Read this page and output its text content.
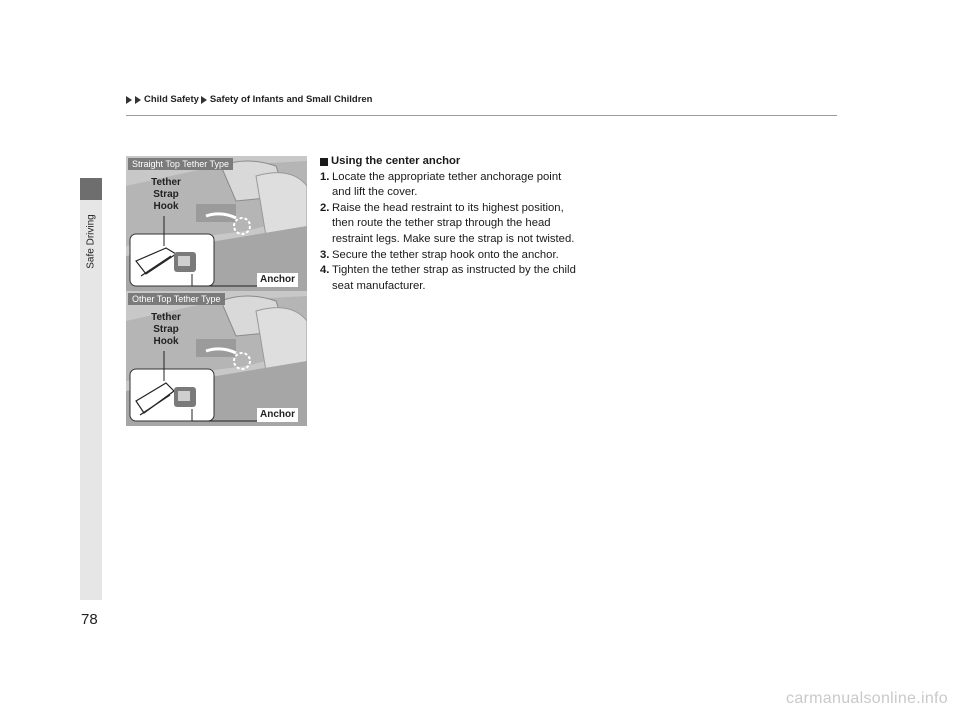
Safe Driving
Child Safety Safety of Infants and Small Children
Straight Top Tether Type
Tether
Strap
Hook
Anchor
Other Top Tether Type
Tether
Strap
Hook
Anchor
Using the center anchor
1. Locate the appropriate tether anchorage point and lift the cover.
2. Raise the head restraint to its highest position, then route the tether strap through the head restraint legs. Make sure the strap is not twisted.
3. Secure the tether strap hook onto the anchor.
4. Tighten the tether strap as instructed by the child seat manufacturer.
78
carmanualsonline.info
